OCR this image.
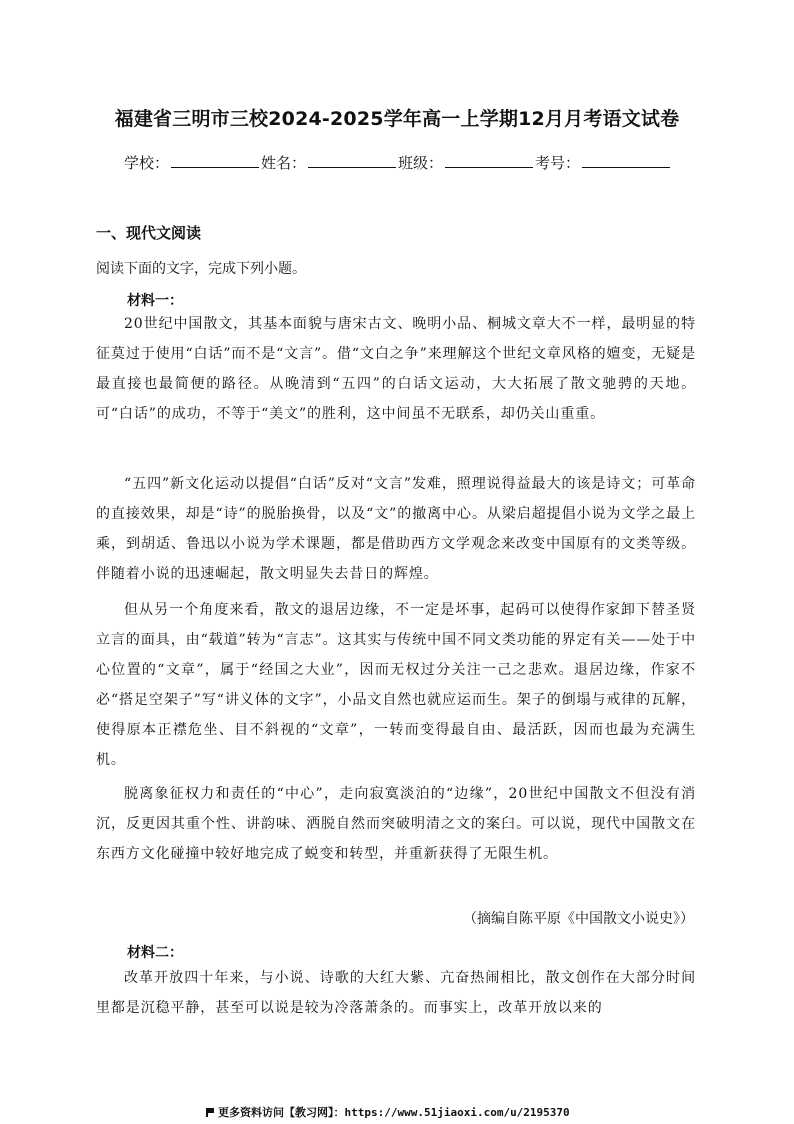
福建省三明市三校2024-2025学年高一上学期12月月考语文试卷
学校：	姓名：	班级：	考号：
一、现代文阅读
阅读下面的文字，完成下列小题。
材料一：

20世纪中国散文，其基本面貌与唐宋古文、晚明小品、桐城文章大不一样，最明显的特征莫过于使用“白话”而不是“文言”。借“文白之争”来理解这个世纪文章风格的嬗变，无疑是最直接也最简便的路径。从晚清到“五四”的白话文运动，大大拓展了散文驰骋的天地。可“白话”的成功，不等于“美文”的胜利，这中间虽不无联系，却仍关山重重。

“五四”新文化运动以提倡“白话”反对“文言”发难，照理说得益最大的该是诗文；可革命的直接效果，却是“诗”的脱胎换骨，以及“文”的撤离中心。从梁启超提倡小说为文学之最上乘，到胡适、鲁迅以小说为学术课题，都是借助西方文学观念来改变中国原有的文类等级。伴随着小说的迅速崛起，散文明显失去昔日的辉煌。

但从另一个角度来看，散文的退居边缘，不一定是坏事，起码可以使得作家卸下替圣贤立言的面具，由“载道”转为“言志”。这其实与传统中国不同文类功能的界定有关——处于中心位置的“文章”，属于“经国之大业”，因而无权过分关注一己之悲欢。退居边缘，作家不必“搭足空架子”写“讲义体的文字”，小品文自然也就应运而生。架子的倒塌与戒律的瓦解，使得原本正襟危坐、目不斜视的“文章”，一转而变得最自由、最活跃，因而也最为充满生机。

脱离象征权力和责任的“中心”，走向寂寞淡泊的“边缘”，20世纪中国散文不但没有消沉，反更因其重个性、讲韵味、洒脱自然而突破明清之文的案臼。可以说，现代中国散文在东西方文化碰撞中较好地完成了蜕变和转型，并重新获得了无限生机。

（摘编自陈平原《中国散文小说史》）
材料二：

改革开放四十年来，与小说、诗歌的大红大紫、亢奋热闹相比，散文创作在大部分时间里都是沉稳平静，甚至可以说是较为冷落萧条的。而事实上，改革开放以来的

更多资料访问【教习网】：https://www.51jiaoxi.com/u/2195370
